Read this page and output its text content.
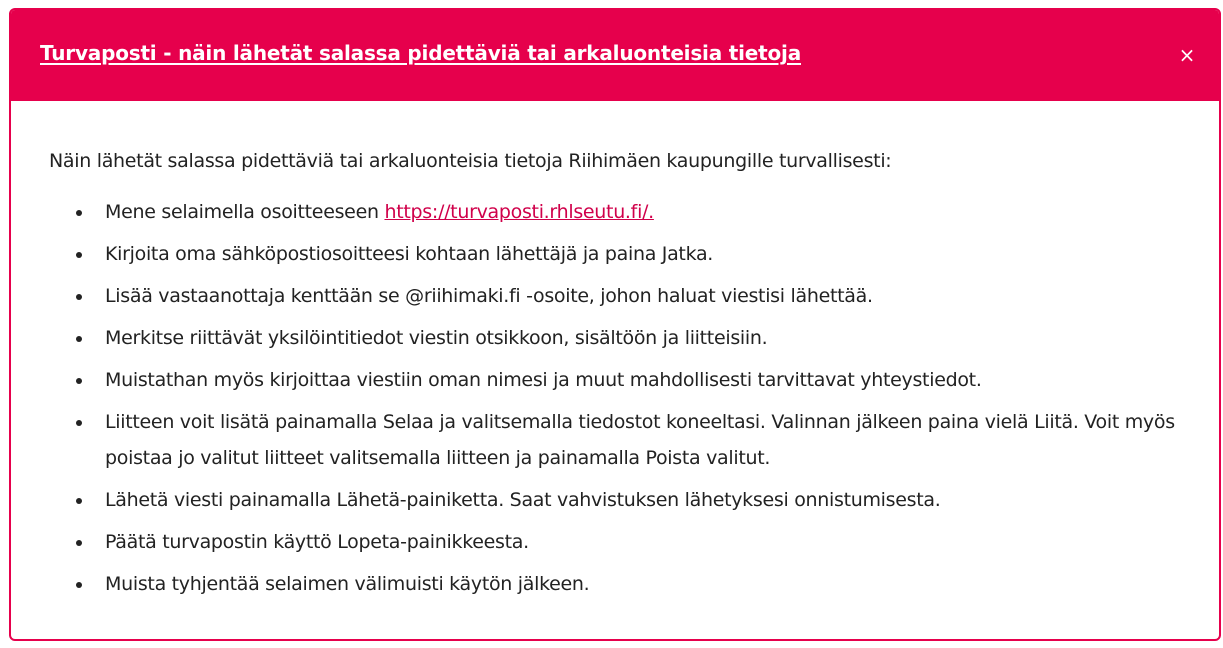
Turvaposti - näin lähetät salassa pidettäviä tai arkaluonteisia tietoja	×

Näin lähetät salassa pidettäviä tai arkaluonteisia tietoja Riihimäen kaupungille turvallisesti:

Mene selaimella osoitteeseen https://turvaposti.rhlseutu.fi/.
Kirjoita oma sähköpostiosoitteesi kohtaan lähettäjä ja paina Jatka.
Lisää vastaanottaja kenttään se @riihimaki.fi -osoite, johon haluat viestisi lähettää.
Merkitse riittävät yksilöintitiedot viestin otsikkoon, sisältöön ja liitteisiin.
Muistathan myös kirjoittaa viestiin oman nimesi ja muut mahdollisesti tarvittavat yhteystiedot.
Liitteen voit lisätä painamalla Selaa ja valitsemalla tiedostot koneeltasi. Valinnan jälkeen paina vielä Liitä. Voit myös poistaa jo valitut liitteet valitsemalla liitteen ja painamalla Poista valitut.
Lähetä viesti painamalla Lähetä-painiketta. Saat vahvistuksen lähetyksesi onnistumisesta.
Päätä turvapostin käyttö Lopeta-painikkeesta.
Muista tyhjentää selaimen välimuisti käytön jälkeen.
